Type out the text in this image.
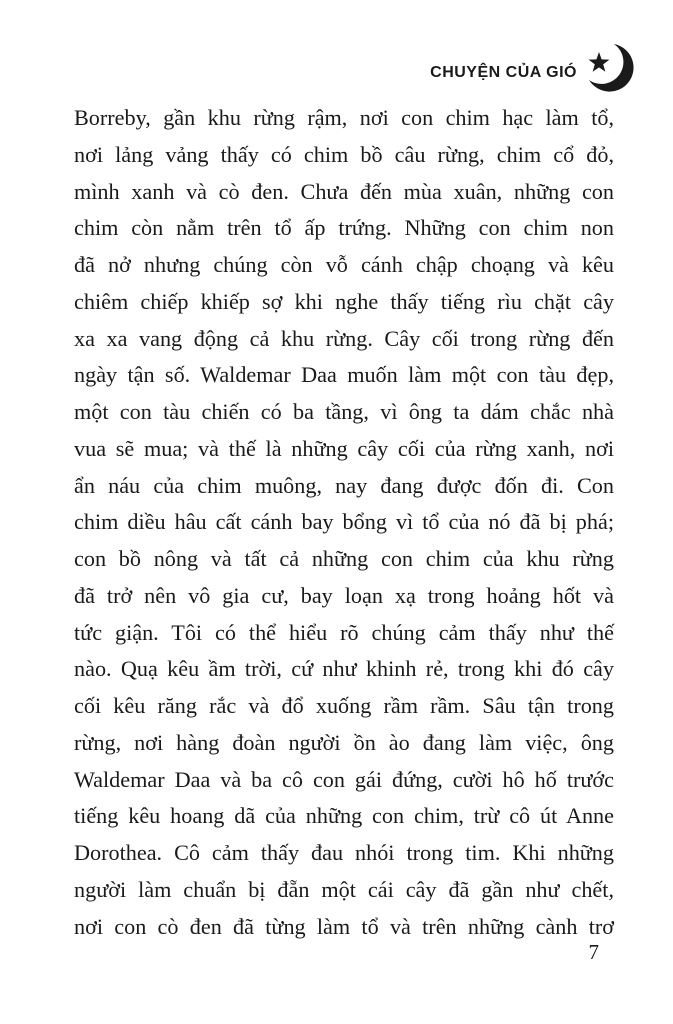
CHUYỆN CỦA GIÓ
Borreby, gần khu rừng rậm, nơi con chim hạc làm tổ,
nơi lảng vảng thấy có chim bồ câu rừng, chim cổ đỏ,
mình xanh và cò đen. Chưa đến mùa xuân, những con
chim còn nằm trên tổ ấp trứng. Những con chim non
đã nở nhưng chúng còn vỗ cánh chập choạng và kêu
chiêm chiếp khiếp sợ khi nghe thấy tiếng rìu chặt cây
xa xa vang động cả khu rừng. Cây cối trong rừng đến
ngày tận số. Waldemar Daa muốn làm một con tàu đẹp,
một con tàu chiến có ba tầng, vì ông ta dám chắc nhà
vua sẽ mua; và thế là những cây cối của rừng xanh, nơi
ẩn náu của chim muông, nay đang được đốn đi. Con
chim diều hâu cất cánh bay bổng vì tổ của nó đã bị phá;
con bồ nông và tất cả những con chim của khu rừng
đã trở nên vô gia cư, bay loạn xạ trong hoảng hốt và
tức giận. Tôi có thể hiểu rõ chúng cảm thấy như thế
nào. Quạ kêu ầm trời, cứ như khinh rẻ, trong khi đó cây
cối kêu răng rắc và đổ xuống rầm rầm. Sâu tận trong
rừng, nơi hàng đoàn người ồn ào đang làm việc, ông
Waldemar Daa và ba cô con gái đứng, cười hô hố trước
tiếng kêu hoang dã của những con chim, trừ cô út Anne
Dorothea. Cô cảm thấy đau nhói trong tim. Khi những
người làm chuẩn bị đẵn một cái cây đã gần như chết,
nơi con cò đen đã từng làm tổ và trên những cành trơ
7
